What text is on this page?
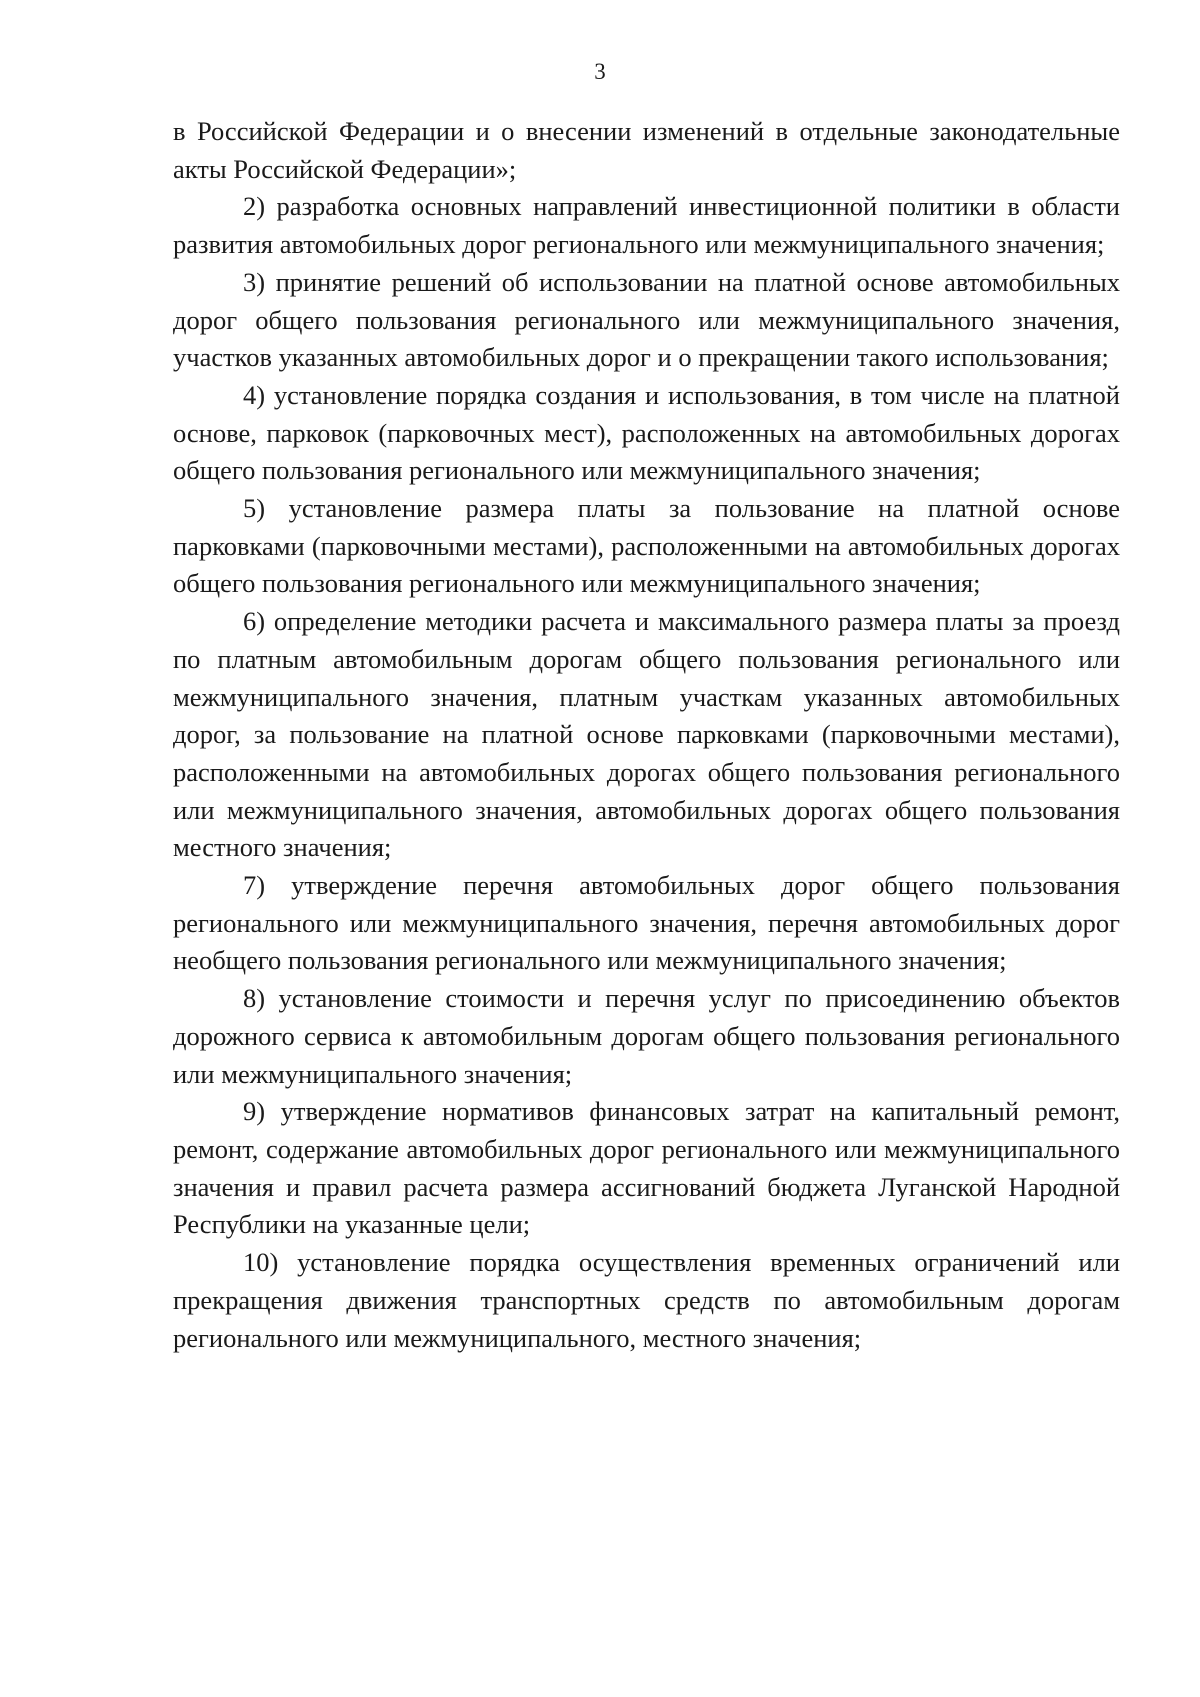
3

в Российской Федерации и о внесении изменений в отдельные законодательные акты Российской Федерации»;

2) разработка основных направлений инвестиционной политики в области развития автомобильных дорог регионального или межмуниципального значения;

3) принятие решений об использовании на платной основе автомобильных дорог общего пользования регионального или межмуниципального значения, участков указанных автомобильных дорог и о прекращении такого использования;

4) установление порядка создания и использования, в том числе на платной основе, парковок (парковочных мест), расположенных на автомобильных дорогах общего пользования регионального или межмуниципального значения;

5) установление размера платы за пользование на платной основе парковками (парковочными местами), расположенными на автомобильных дорогах общего пользования регионального или межмуниципального значения;

6) определение методики расчета и максимального размера платы за проезд по платным автомобильным дорогам общего пользования регионального или межмуниципального значения, платным участкам указанных автомобильных дорог, за пользование на платной основе парковками (парковочными местами), расположенными на автомобильных дорогах общего пользования регионального или межмуниципального значения, автомобильных дорогах общего пользования местного значения;

7) утверждение перечня автомобильных дорог общего пользования регионального или межмуниципального значения, перечня автомобильных дорог необщего пользования регионального или межмуниципального значения;

8) установление стоимости и перечня услуг по присоединению объектов дорожного сервиса к автомобильным дорогам общего пользования регионального или межмуниципального значения;

9) утверждение нормативов финансовых затрат на капитальный ремонт, ремонт, содержание автомобильных дорог регионального или межмуниципального значения и правил расчета размера ассигнований бюджета Луганской Народной Республики на указанные цели;

10) установление порядка осуществления временных ограничений или прекращения движения транспортных средств по автомобильным дорогам регионального или межмуниципального, местного значения;
